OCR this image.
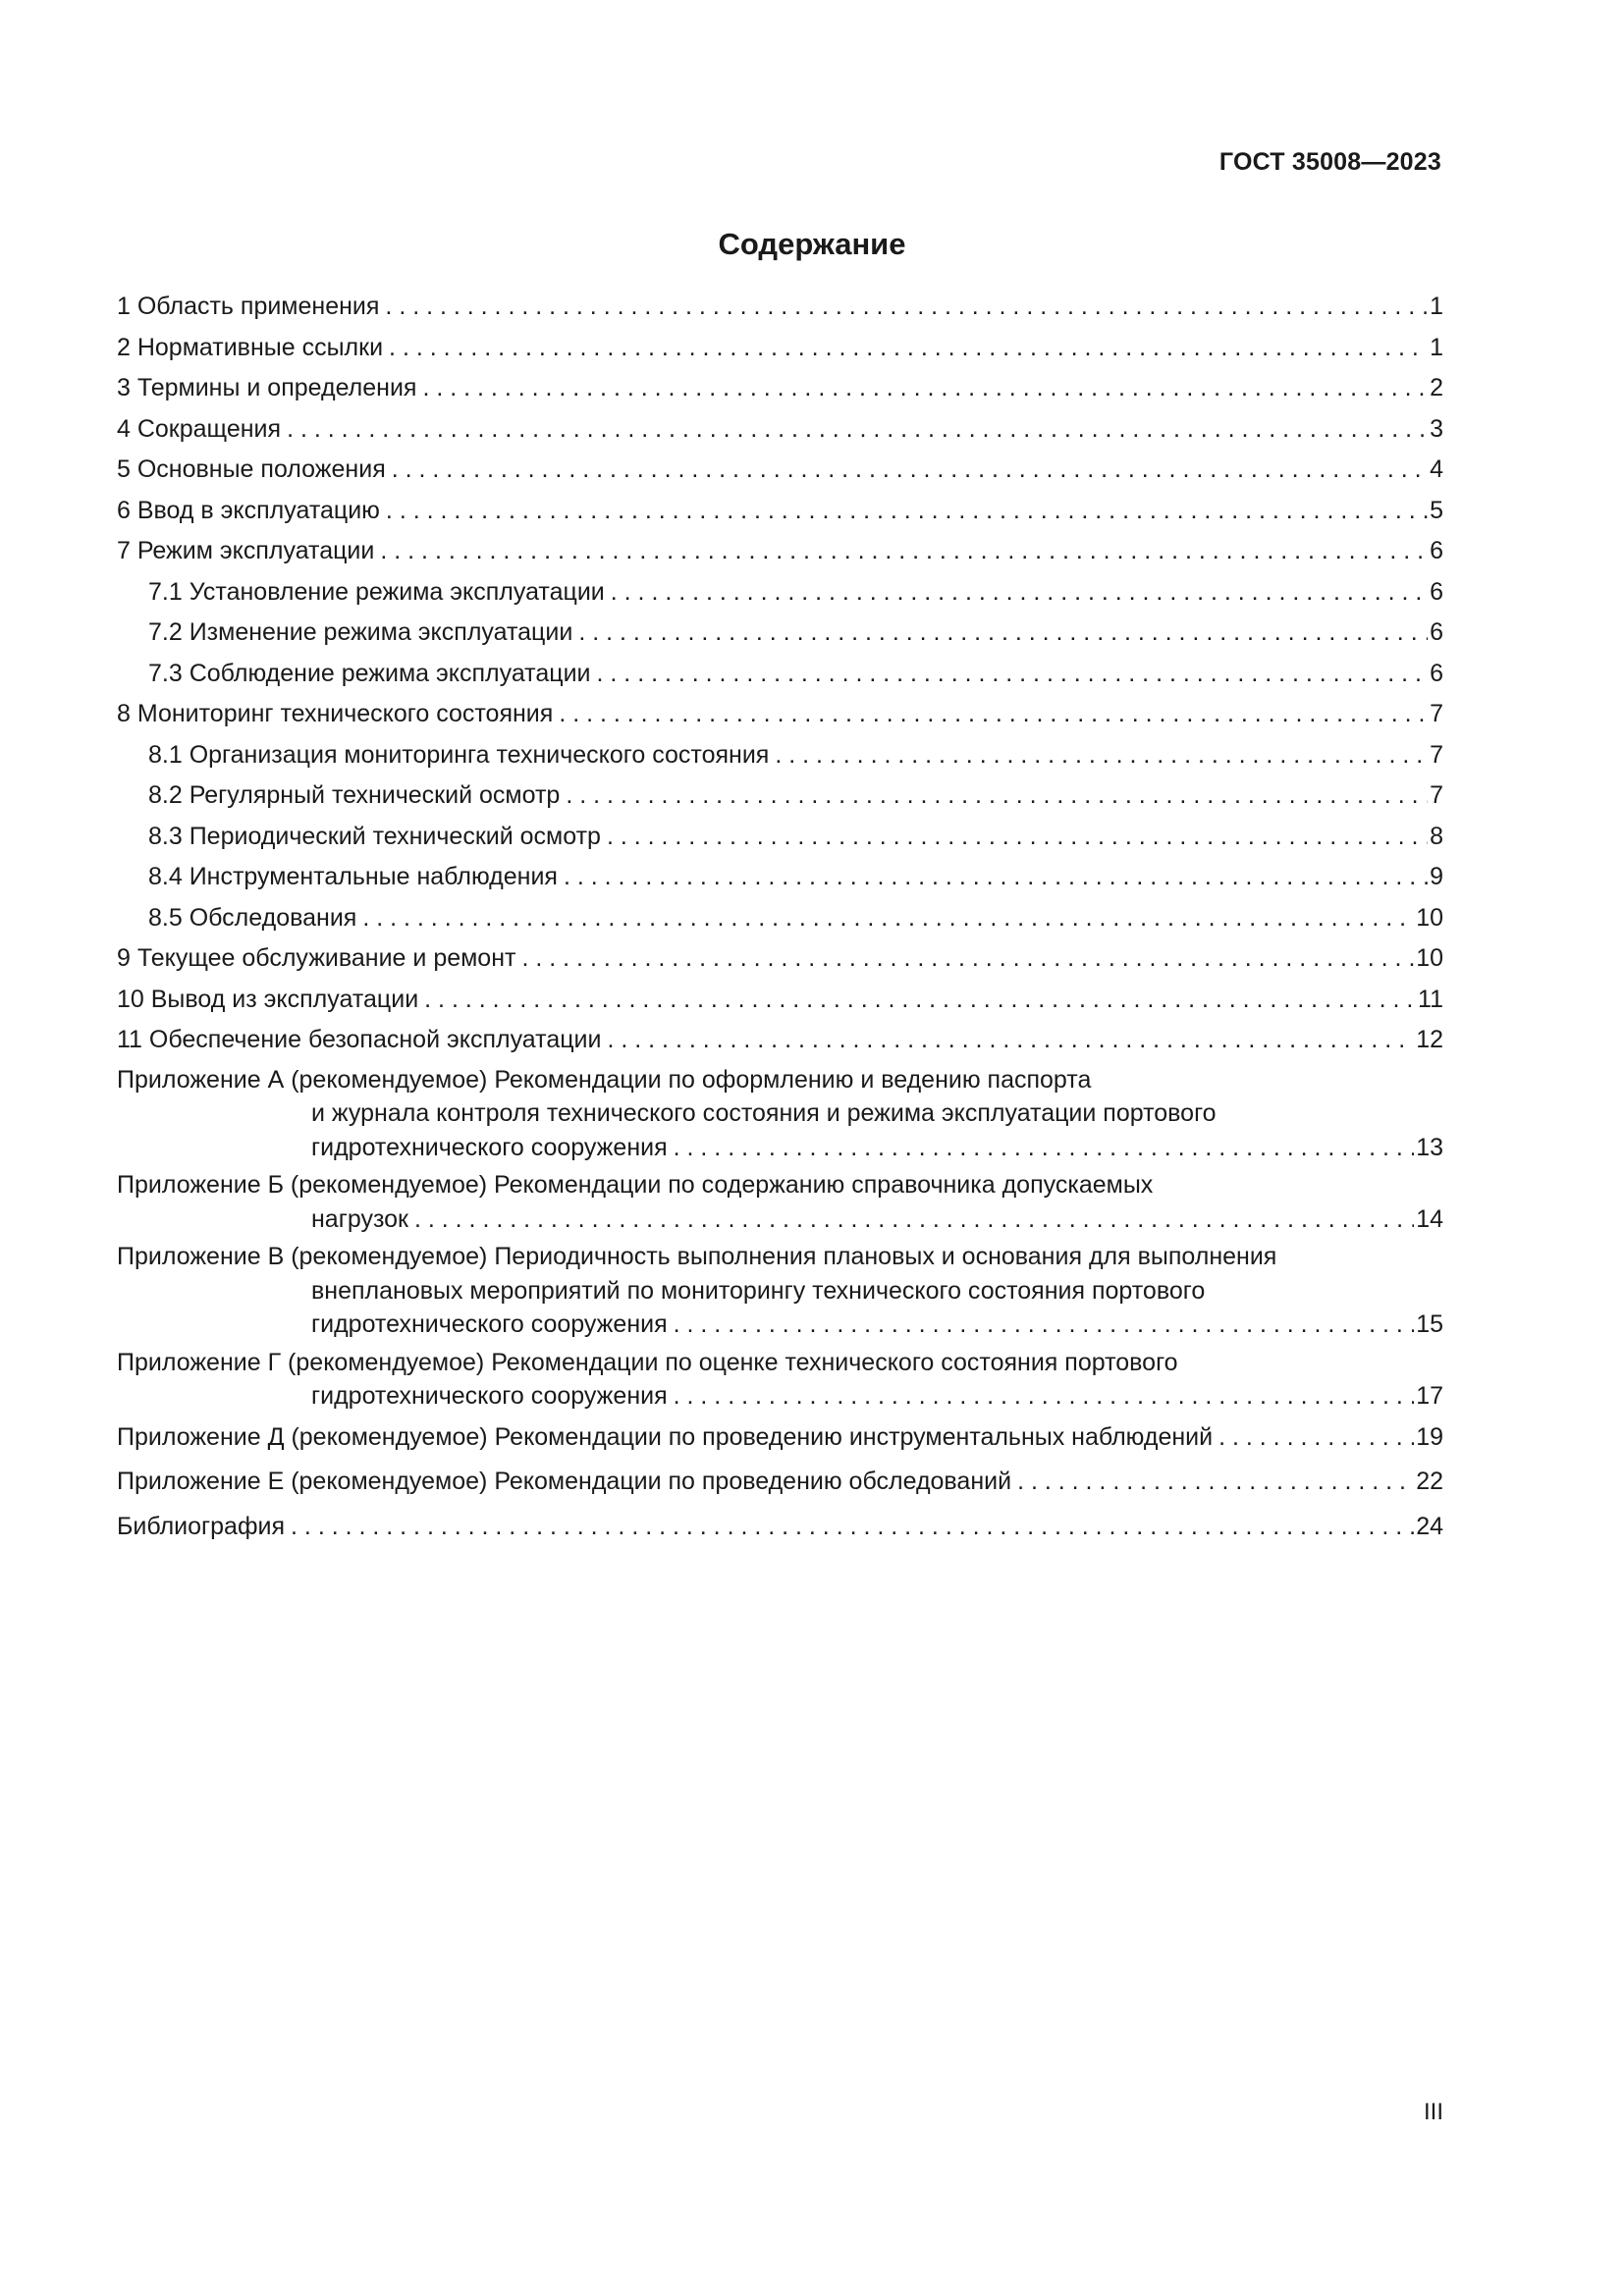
ГОСТ 35008—2023
Содержание
1 Область применения . . .	1
2 Нормативные ссылки . . .	1
3 Термины и определения . . .	2
4 Сокращения . . .	3
5 Основные положения . . .	4
6 Ввод в эксплуатацию . . .	5
7 Режим эксплуатации . . .	6
7.1 Установление режима эксплуатации . . .	6
7.2 Изменение режима эксплуатации . . .	6
7.3 Соблюдение режима эксплуатации . . .	6
8 Мониторинг технического состояния . . .	7
8.1 Организация мониторинга технического состояния . . .	7
8.2 Регулярный технический осмотр . . .	7
8.3 Периодический технический осмотр . . .	8
8.4 Инструментальные наблюдения . . .	9
8.5 Обследования . . .	10
9 Текущее обслуживание и ремонт . . .	10
10 Вывод из эксплуатации . . .	11
11 Обеспечение безопасной эксплуатации . . .	12
Приложение А (рекомендуемое) Рекомендации по оформлению и ведению паспорта
и журнала контроля технического состояния и режима эксплуатации портового
гидротехнического сооружения . . .	13
Приложение Б (рекомендуемое) Рекомендации по содержанию справочника допускаемых
нагрузок . . .	14
Приложение В (рекомендуемое) Периодичность выполнения плановых и основания для выполнения
внеплановых мероприятий по мониторингу технического состояния портового
гидротехнического сооружения . . .	15
Приложение Г (рекомендуемое) Рекомендации по оценке технического состояния портового
гидротехнического сооружения . . .	17
Приложение Д (рекомендуемое) Рекомендации по проведению инструментальных наблюдений . . .	19
Приложение Е (рекомендуемое) Рекомендации по проведению обследований . . .	22
Библиография . . .	24
III
